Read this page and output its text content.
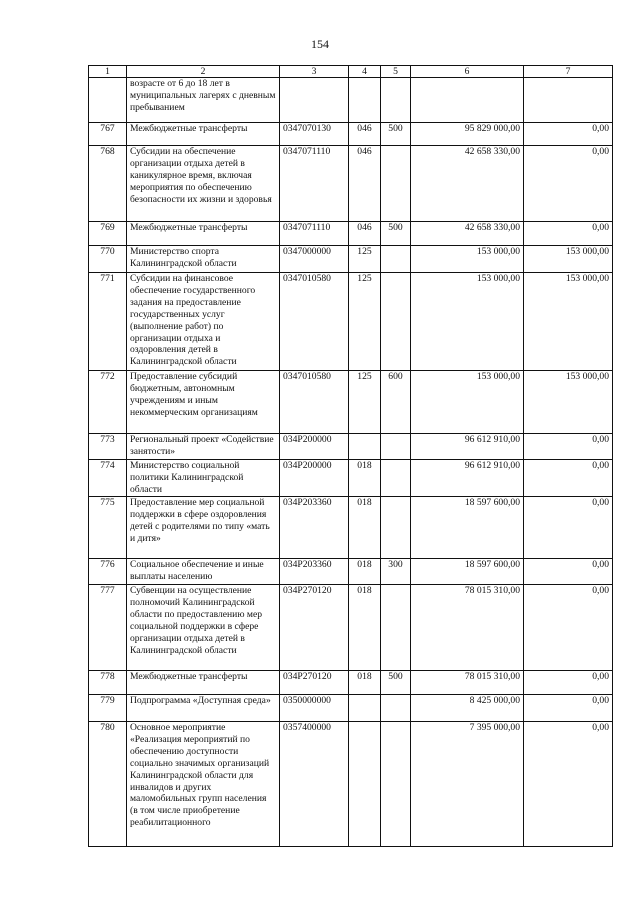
154
1	2	3	4	5	6	7
	возрасте от 6 до 18 лет в муниципальных лагерях с дневным пребыванием					
767	Межбюджетные трансферты	0347070130	046	500	95 829 000,00	0,00
768	Субсидии на обеспечение организации отдыха детей в каникулярное время, включая мероприятия по обеспечению безопасности их жизни и здоровья	0347071110	046		42 658 330,00	0,00
769	Межбюджетные трансферты	0347071110	046	500	42 658 330,00	0,00
770	Министерство спорта Калининградской области	0347000000	125		153 000,00	153 000,00
771	Субсидии на финансовое обеспечение государственного задания на предоставление государственных услуг (выполнение работ) по организации отдыха и оздоровления детей в Калининградской области	0347010580	125		153 000,00	153 000,00
772	Предоставление субсидий бюджетным, автономным учреждениям и иным некоммерческим организациям	0347010580	125	600	153 000,00	153 000,00
773	Региональный проект «Содействие занятости»	034P200000			96 612 910,00	0,00
774	Министерство социальной политики Калининградской области	034P200000	018		96 612 910,00	0,00
775	Предоставление мер социальной поддержки в сфере оздоровления детей с родителями по типу «мать и дитя»	034P203360	018		18 597 600,00	0,00
776	Социальное обеспечение и иные выплаты населению	034P203360	018	300	18 597 600,00	0,00
777	Субвенции на осуществление полномочий Калининградской области по предоставлению мер социальной поддержки в сфере организации отдыха детей в Калининградской области	034P270120	018		78 015 310,00	0,00
778	Межбюджетные трансферты	034P270120	018	500	78 015 310,00	0,00
779	Подпрограмма «Доступная среда»	0350000000			8 425 000,00	0,00
780	Основное мероприятие «Реализация мероприятий по обеспечению доступности социально значимых организаций Калининградской области для инвалидов и других маломобильных групп населения (в том числе приобретение реабилитационного	0357400000			7 395 000,00	0,00
